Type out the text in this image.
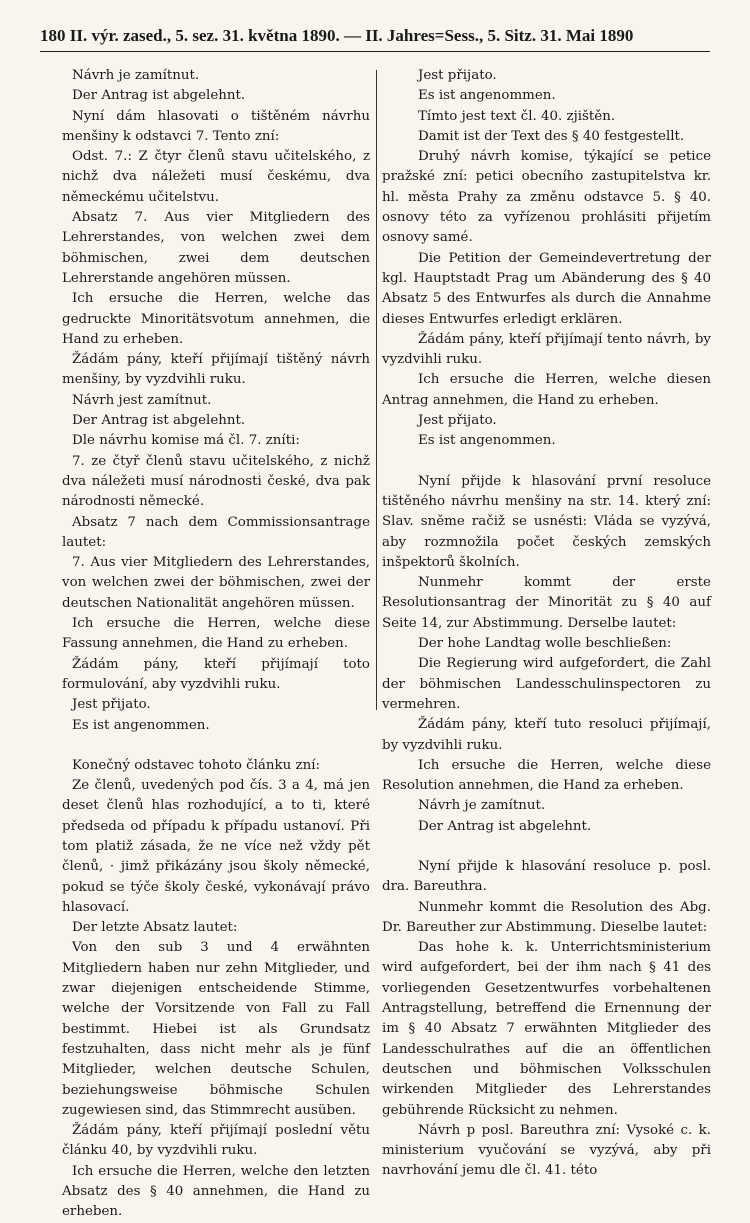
180 II. výr. zased., 5. sez. 31. května 1890. — II. Jahres=Sess., 5. Sitz. 31. Mai 1890

Návrh je zamítnut.

Der Antrag ist abgelehnt.

Nyní dám hlasovati o tištěném návrhu menšiny k odstavci 7. Tento zní:

Odst. 7.: Z čtyr členů stavu učitelského, z nichž dva náležeti musí českému, dva německému učitelstvu.

Absatz 7. Aus vier Mitgliedern des Lehrerstandes, von welchen zwei dem böhmischen, zwei dem deutschen Lehrerstande angehören müssen.

Ich ersuche die Herren, welche das gedruckte Minoritätsvotum annehmen, die Hand zu erheben.

Žádám pány, kteří přijímají tištěný návrh menšiny, by vyzdvihli ruku.

Návrh jest zamítnut.

Der Antrag ist abgelehnt.

Dle návrhu komise má čl. 7. zníti:

7. ze čtyř členů stavu učitelského, z nichž dva náležeti musí národnosti české, dva pak národnosti německé.

Absatz 7 nach dem Commissionsantrage lautet:

7. Aus vier Mitgliedern des Lehrerstandes, von welchen zwei der böhmischen, zwei der deutschen Nationalität angehören müssen.

Ich ersuche die Herren, welche diese Fassung annehmen, die Hand zu erheben.

Žádám pány, kteří přijímají toto formulování, aby vyzdvihli ruku.

Jest přijato.

Es ist angenommen.

Konečný odstavec tohoto článku zní:

Ze členů, uvedených pod čís. 3 a 4, má jen deset členů hlas rozhodující, a to ti, které předseda od případu k případu ustanoví. Při tom platiž zásada, že ne více než vždy pět členů, · jimž přikázány jsou školy německé, pokud se týče školy české, vykonávají právo hlasovací.

Der letzte Absatz lautet:

Von den sub 3 und 4 erwähnten Mitgliedern haben nur zehn Mitglieder, und zwar diejenigen entscheidende Stimme, welche der Vorsitzende von Fall zu Fall bestimmt. Hiebei ist als Grundsatz festzuhalten, dass nicht mehr als je fünf Mitglieder, welchen deutsche Schulen, beziehungsweise böhmische Schulen zugewiesen sind, das Stimmrecht ausüben.

Žádám pány, kteří přijímají poslední větu článku 40, by vyzdvihli ruku.

Ich ersuche die Herren, welche den letzten Absatz des § 40 annehmen, die Hand zu erheben.

Jest přijato.

Es ist angenommen.

Tímto jest text čl. 40. zjištěn.

Damit ist der Text des § 40 festgestellt.

Druhý návrh komise, týkající se petice pražské zní: petici obecního zastupitelstva kr. hl. města Prahy za změnu odstavce 5. § 40. osnovy této za vyřízenou prohlásiti přijetím osnovy samé.

Die Petition der Gemeindevertretung der kgl. Hauptstadt Prag um Abänderung des § 40 Absatz 5 des Entwurfes als durch die Annahme dieses Entwurfes erledigt erklären.

Žádám pány, kteří přijímají tento návrh, by vyzdvihli ruku.

Ich ersuche die Herren, welche diesen Antrag annehmen, die Hand zu erheben.

Jest přijato.

Es ist angenommen.

Nyní přijde k hlasování první resoluce tištěného návrhu menšiny na str. 14. který zní: Slav. sněme račiž se usnésti: Vláda se vyzývá, aby rozmnožila počet českých zemských inšpektorů školních.

Nunmehr kommt der erste Resolutionsantrag der Minorität zu § 40 auf Seite 14, zur Abstimmung. Derselbe lautet:

Der hohe Landtag wolle beschließen:

Die Regierung wird aufgefordert, die Zahl der böhmischen Landesschulinspectoren zu vermehren.

Žádám pány, kteří tuto resoluci přijímají, by vyzdvihli ruku.

Ich ersuche die Herren, welche diese Resolution annehmen, die Hand za erheben.

Návrh je zamítnut.

Der Antrag ist abgelehnt.

Nyní přijde k hlasování resoluce p. posl. dra. Bareuthra.

Nunmehr kommt die Resolution des Abg. Dr. Bareuther zur Abstimmung. Dieselbe lautet:

Das hohe k. k. Unterrichtsministerium wird aufgefordert, bei der ihm nach § 41 des vorliegenden Gesetzentwurfes vorbehaltenen Antragstellung, betreffend die Ernennung der im § 40 Absatz 7 erwähnten Mitglieder des Landesschulrathes auf die an öffentlichen deutschen und böhmischen Volksschulen wirkenden Mitglieder des Lehrerstandes gebührende Rücksicht zu nehmen.

Návrh p posl. Bareuthra zní: Vysoké c. k. ministerium vyučování se vyzývá, aby při navrhování jemu dle čl. 41. této
